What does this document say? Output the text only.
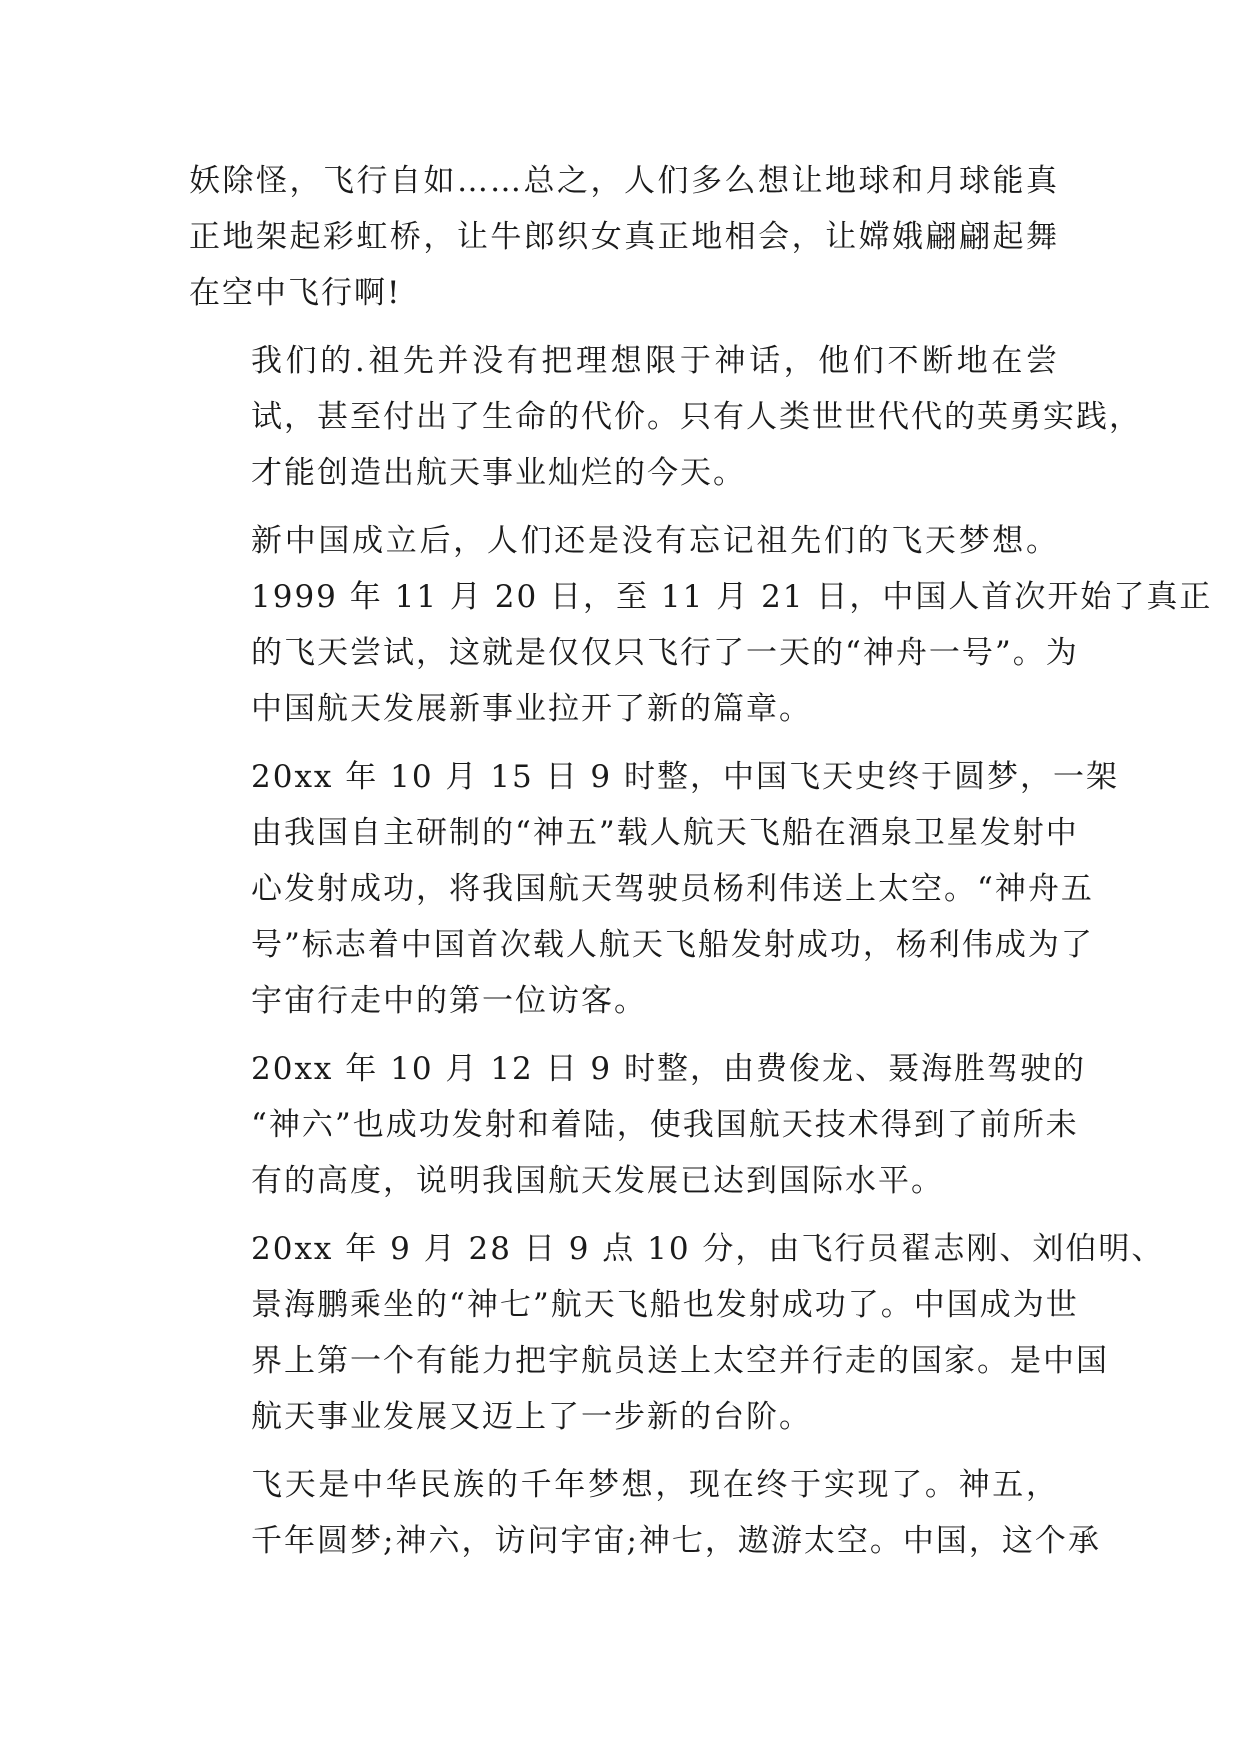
妖除怪，飞行自如……总之，人们多么想让地球和月球能真
正地架起彩虹桥，让牛郎织女真正地相会，让嫦娥翩翩起舞
在空中飞行啊!

我们的.祖先并没有把理想限于神话，他们不断地在尝
试，甚至付出了生命的代价。只有人类世世代代的英勇实践，
才能创造出航天事业灿烂的今天。

新中国成立后，人们还是没有忘记祖先们的飞天梦想。
1999 年 11 月 20 日，至 11 月 21 日，中国人首次开始了真正
的飞天尝试，这就是仅仅只飞行了一天的“神舟一号”。为
中国航天发展新事业拉开了新的篇章。

20xx 年 10 月 15 日 9 时整，中国飞天史终于圆梦，一架
由我国自主研制的“神五”载人航天飞船在酒泉卫星发射中
心发射成功，将我国航天驾驶员杨利伟送上太空。“神舟五
号”标志着中国首次载人航天飞船发射成功，杨利伟成为了
宇宙行走中的第一位访客。

20xx 年 10 月 12 日 9 时整，由费俊龙、聂海胜驾驶的
“神六”也成功发射和着陆，使我国航天技术得到了前所未
有的高度，说明我国航天发展已达到国际水平。

20xx 年 9 月 28 日 9 点 10 分，由飞行员翟志刚、刘伯明、
景海鹏乘坐的“神七”航天飞船也发射成功了。中国成为世
界上第一个有能力把宇航员送上太空并行走的国家。是中国
航天事业发展又迈上了一步新的台阶。

飞天是中华民族的千年梦想，现在终于实现了。神五，
千年圆梦;神六，访问宇宙;神七，遨游太空。中国，这个承
